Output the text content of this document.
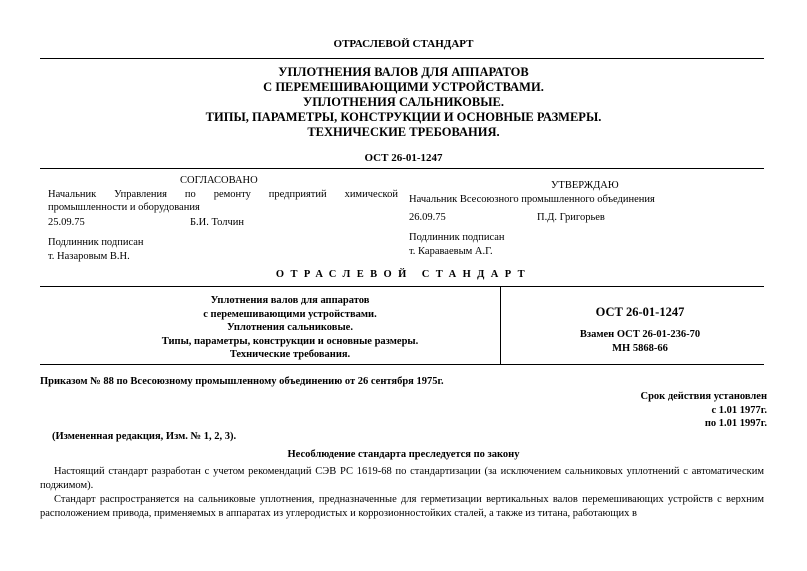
ОТРАСЛЕВОЙ СТАНДАРТ
УПЛОТНЕНИЯ ВАЛОВ ДЛЯ АППАРАТОВ
С ПЕРЕМЕШИВАЮЩИМИ УСТРОЙСТВАМИ.
УПЛОТНЕНИЯ САЛЬНИКОВЫЕ.
ТИПЫ, ПАРАМЕТРЫ, КОНСТРУКЦИИ И ОСНОВНЫЕ РАЗМЕРЫ.
ТЕХНИЧЕСКИЕ ТРЕБОВАНИЯ.
ОСТ 26-01-1247
СОГЛАСОВАНО
Начальник Управления по ремонту предприятий химической
промышленности и оборудования
25.09.75	Б.И. Толчин
Подлинник подписан
т. Назаровым В.Н.
УТВЕРЖДАЮ
Начальник Всесоюзного промышленного объединения
26.09.75	П.Д. Григорьев
Подлинник подписан
т. Караваевым А.Г.
ОТРАСЛЕВОЙ СТАНДАРТ
Уплотнения валов для аппаратов
с перемешивающими устройствами.
Уплотнения сальниковые.
Типы, параметры, конструкции и основные размеры.
Технические требования.
ОСТ 26-01-1247
Взамен ОСТ 26-01-236-70
МН 5868-66
Приказом № 88 по Всесоюзному промышленному объединению от 26 сентября 1975г.
Срок действия установлен
с 1.01 1977г.
по 1.01 1997г.
(Измененная редакция, Изм. № 1, 2, 3).
Несоблюдение стандарта преследуется по закону

Настоящий стандарт разработан с учетом рекомендаций СЭВ РС 1619-68 по стандартизации (за исключением сальниковых уплотнений с автоматическим поджимом).

Стандарт распространяется на сальниковые уплотнения, предназначенные для герметизации вертикальных валов перемешивающих устройств с верхним расположением привода, применяемых в аппаратах из углеродистых и коррозионностойких сталей, а также из титана, работающих в
